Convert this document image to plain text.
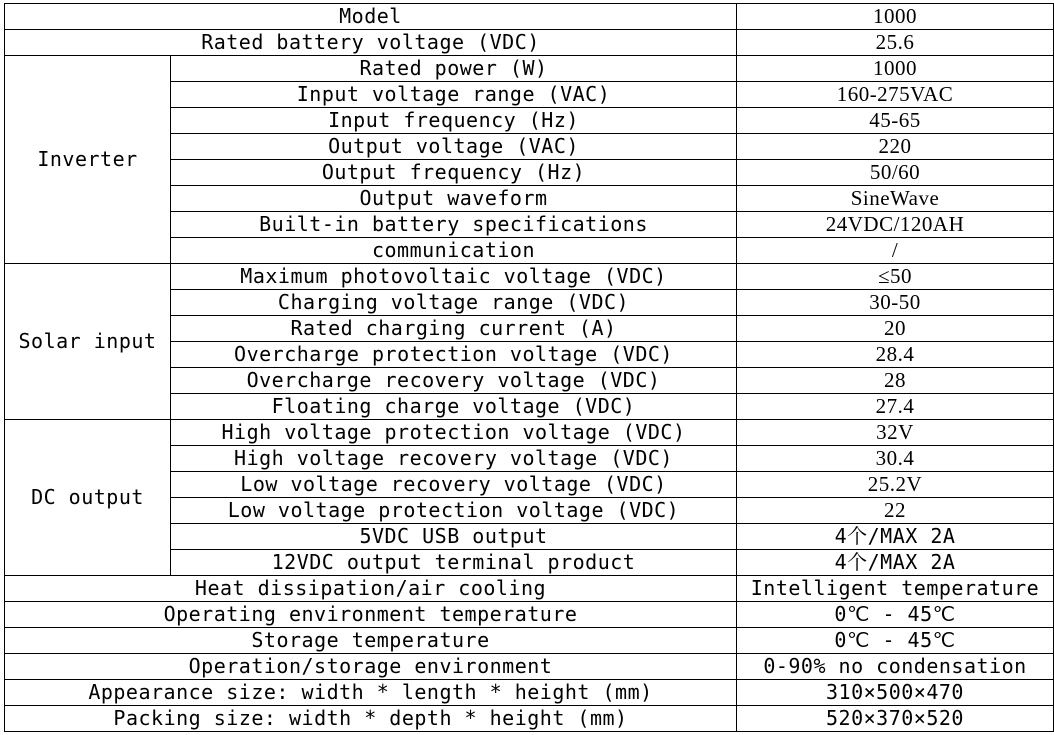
Model		1000
Rated battery voltage (VDC)		25.6
Inverter	Rated power (W)	1000
	Input voltage range (VAC)	160-275VAC
	Input frequency (Hz)	45-65
	Output voltage (VAC)	220
	Output frequency (Hz)	50/60
	Output waveform	SineWave
	Built-in battery specifications	24VDC/120AH
	communication	/
Solar input	Maximum photovoltaic voltage (VDC)	≤50
	Charging voltage range (VDC)	30-50
	Rated charging current (A)	20
	Overcharge protection voltage (VDC)	28.4
	Overcharge recovery voltage (VDC)	28
	Floating charge voltage (VDC)	27.4
DC output	High voltage protection voltage (VDC)	32V
	High voltage recovery voltage (VDC)	30.4
	Low voltage recovery voltage (VDC)	25.2V
	Low voltage protection voltage (VDC)	22
	5VDC USB output	4个/MAX 2A
	12VDC output terminal product	4个/MAX 2A
Heat dissipation/air cooling		Intelligent temperature
Operating environment temperature		0℃ - 45℃
Storage temperature		0℃ - 45℃
Operation/storage environment		0-90% no condensation
Appearance size: width * length * height (mm)		310×500×470
Packing size: width * depth * height (mm)		520×370×520
